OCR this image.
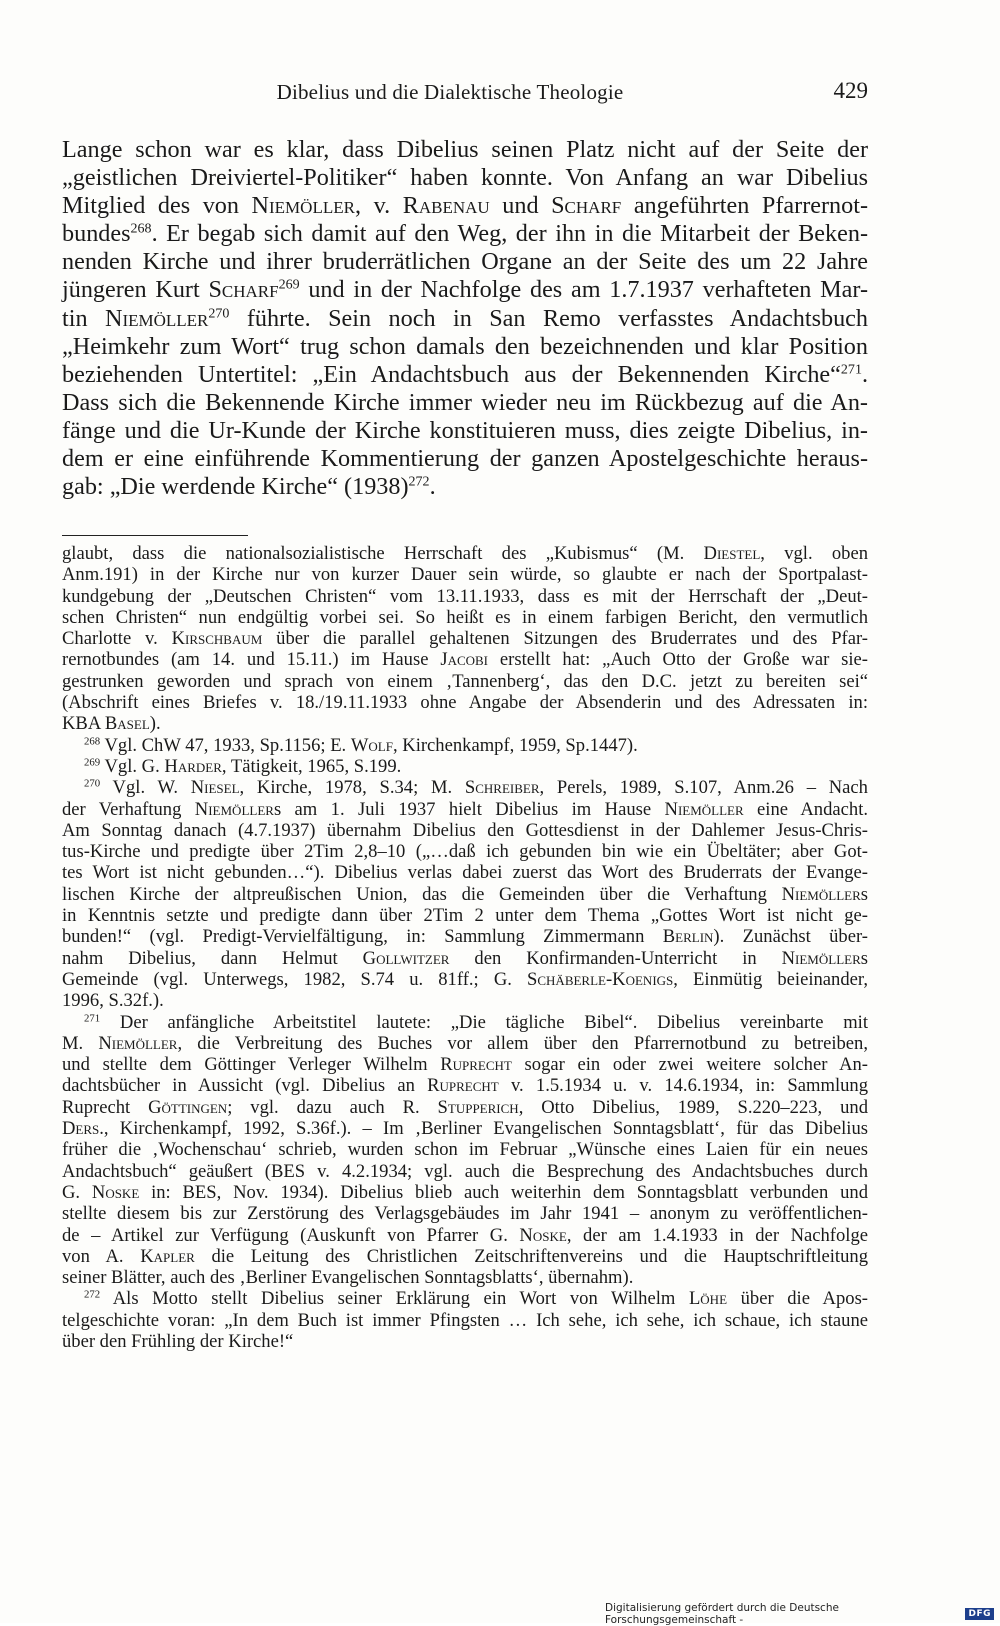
Dibelius und die Dialektische Theologie	429
Lange schon war es klar, dass Dibelius seinen Platz nicht auf der Seite der
„geistlichen Dreiviertel-Politiker“ haben konnte. Von Anfang an war Dibelius
Mitglied des von Niemöller, v. Rabenau und Scharf angeführten Pfarrernot-
bundes$^{268}$. Er begab sich damit auf den Weg, der ihn in die Mitarbeit der Beken-
nenden Kirche und ihrer bruderrätlichen Organe an der Seite des um 22 Jahre
jüngeren Kurt Scharf$^{269}$ und in der Nachfolge des am 1.7.1937 verhafteten Mar-
tin Niemöller$^{270}$ führte. Sein noch in San Remo verfasstes Andachtsbuch
„Heimkehr zum Wort“ trug schon damals den bezeichnenden und klar Position
beziehenden Untertitel: „Ein Andachtsbuch aus der Bekennenden Kirche“$^{271}$.
Dass sich die Bekennende Kirche immer wieder neu im Rückbezug auf die An-
fänge und die Ur-Kunde der Kirche konstituieren muss, dies zeigte Dibelius, in-
dem er eine einführende Kommentierung der ganzen Apostelgeschichte heraus-
gab: „Die werdende Kirche“ $(1938)^{272}$.
glaubt, dass die nationalsozialistische Herrschaft des „Kubismus“ (M. Diestel, vgl. oben
Anm.191) in der Kirche nur von kurzer Dauer sein würde, so glaubte er nach der Sportpalast-
kundgebung der „Deutschen Christen“ vom 13.11.1933, dass es mit der Herrschaft der „Deut-
schen Christen“ nun endgültig vorbei sei. So heißt es in einem farbigen Bericht, den vermutlich
Charlotte v. Kirschbaum über die parallel gehaltenen Sitzungen des Bruderrates und des Pfar-
rernotbundes (am 14. und 15.11.) im Hause Jacobi erstellt hat: „Auch Otto der Große war sie-
gestrunken geworden und sprach von einem ‚Tannenberg‘, das den D.C. jetzt zu bereiten sei“
(Abschrift eines Briefes v. 18./19.11.1933 ohne Angabe der Absenderin und des Adressaten in:
KBA Basel).
$^{268}$ Vgl. ChW 47, 1933, Sp.1156; E. Wolf, Kirchenkampf, 1959, Sp.1447).
$^{269}$ Vgl. G. Harder, Tätigkeit, 1965, S.199.
$^{270}$ Vgl. W. Niesel, Kirche, 1978, S.34; M. Schreiber, Perels, 1989, S.107, Anm.26 – Nach
der Verhaftung Niemöllers am 1. Juli 1937 hielt Dibelius im Hause Niemöller eine Andacht.
Am Sonntag danach (4.7.1937) übernahm Dibelius den Gottesdienst in der Dahlemer Jesus-Chris-
tus-Kirche und predigte über 2Tim 2,8–10 („…daß ich gebunden bin wie ein Übeltäter; aber Got-
tes Wort ist nicht gebunden…“). Dibelius verlas dabei zuerst das Wort des Bruderrats der Evange-
lischen Kirche der altpreußischen Union, das die Gemeinden über die Verhaftung Niemöllers
in Kenntnis setzte und predigte dann über 2Tim 2 unter dem Thema „Gottes Wort ist nicht ge-
bunden!“ (vgl. Predigt-Vervielfältigung, in: Sammlung Zimmermann Berlin). Zunächst über-
nahm Dibelius, dann Helmut Gollwitzer den Konfirmanden-Unterricht in Niemöllers
Gemeinde (vgl. Unterwegs, 1982, S.74 u. 81ff.; G. Schäberle-Koenigs, Einmütig beieinander,
1996, S.32f.).
$^{271}$ Der anfängliche Arbeitstitel lautete: „Die tägliche Bibel“. Dibelius vereinbarte mit
M. Niemöller, die Verbreitung des Buches vor allem über den Pfarrernotbund zu betreiben,
und stellte dem Göttinger Verleger Wilhelm Ruprecht sogar ein oder zwei weitere solcher An-
dachtsbücher in Aussicht (vgl. Dibelius an Ruprecht v. 1.5.1934 u. v. 14.6.1934, in: Sammlung
Ruprecht Göttingen; vgl. dazu auch R. Stupperich, Otto Dibelius, 1989, S.220–223, und
Ders., Kirchenkampf, 1992, S.36f.). – Im ‚Berliner Evangelischen Sonntagsblatt‘, für das Dibelius
früher die ‚Wochenschau‘ schrieb, wurden schon im Februar „Wünsche eines Laien für ein neues
Andachtsbuch“ geäußert (BES v. 4.2.1934; vgl. auch die Besprechung des Andachtsbuches durch
G. Noske in: BES, Nov. 1934). Dibelius blieb auch weiterhin dem Sonntagsblatt verbunden und
stellte diesem bis zur Zerstörung des Verlagsgebäudes im Jahr 1941 – anonym zu veröffentlichen-
de – Artikel zur Verfügung (Auskunft von Pfarrer G. Noske, der am 1.4.1933 in der Nachfolge
von A. Kapler die Leitung des Christlichen Zeitschriftenvereins und die Hauptschriftleitung
seiner Blätter, auch des ‚Berliner Evangelischen Sonntagsblatts‘, übernahm).
$^{272}$ Als Motto stellt Dibelius seiner Erklärung ein Wort von Wilhelm Löhe über die Apos-
telgeschichte voran: „In dem Buch ist immer Pfingsten … Ich sehe, ich sehe, ich schaue, ich staune
über den Frühling der Kirche!“
Digitalisierung gefördert durch die Deutsche Forschungsgemeinschaft -	DFG
